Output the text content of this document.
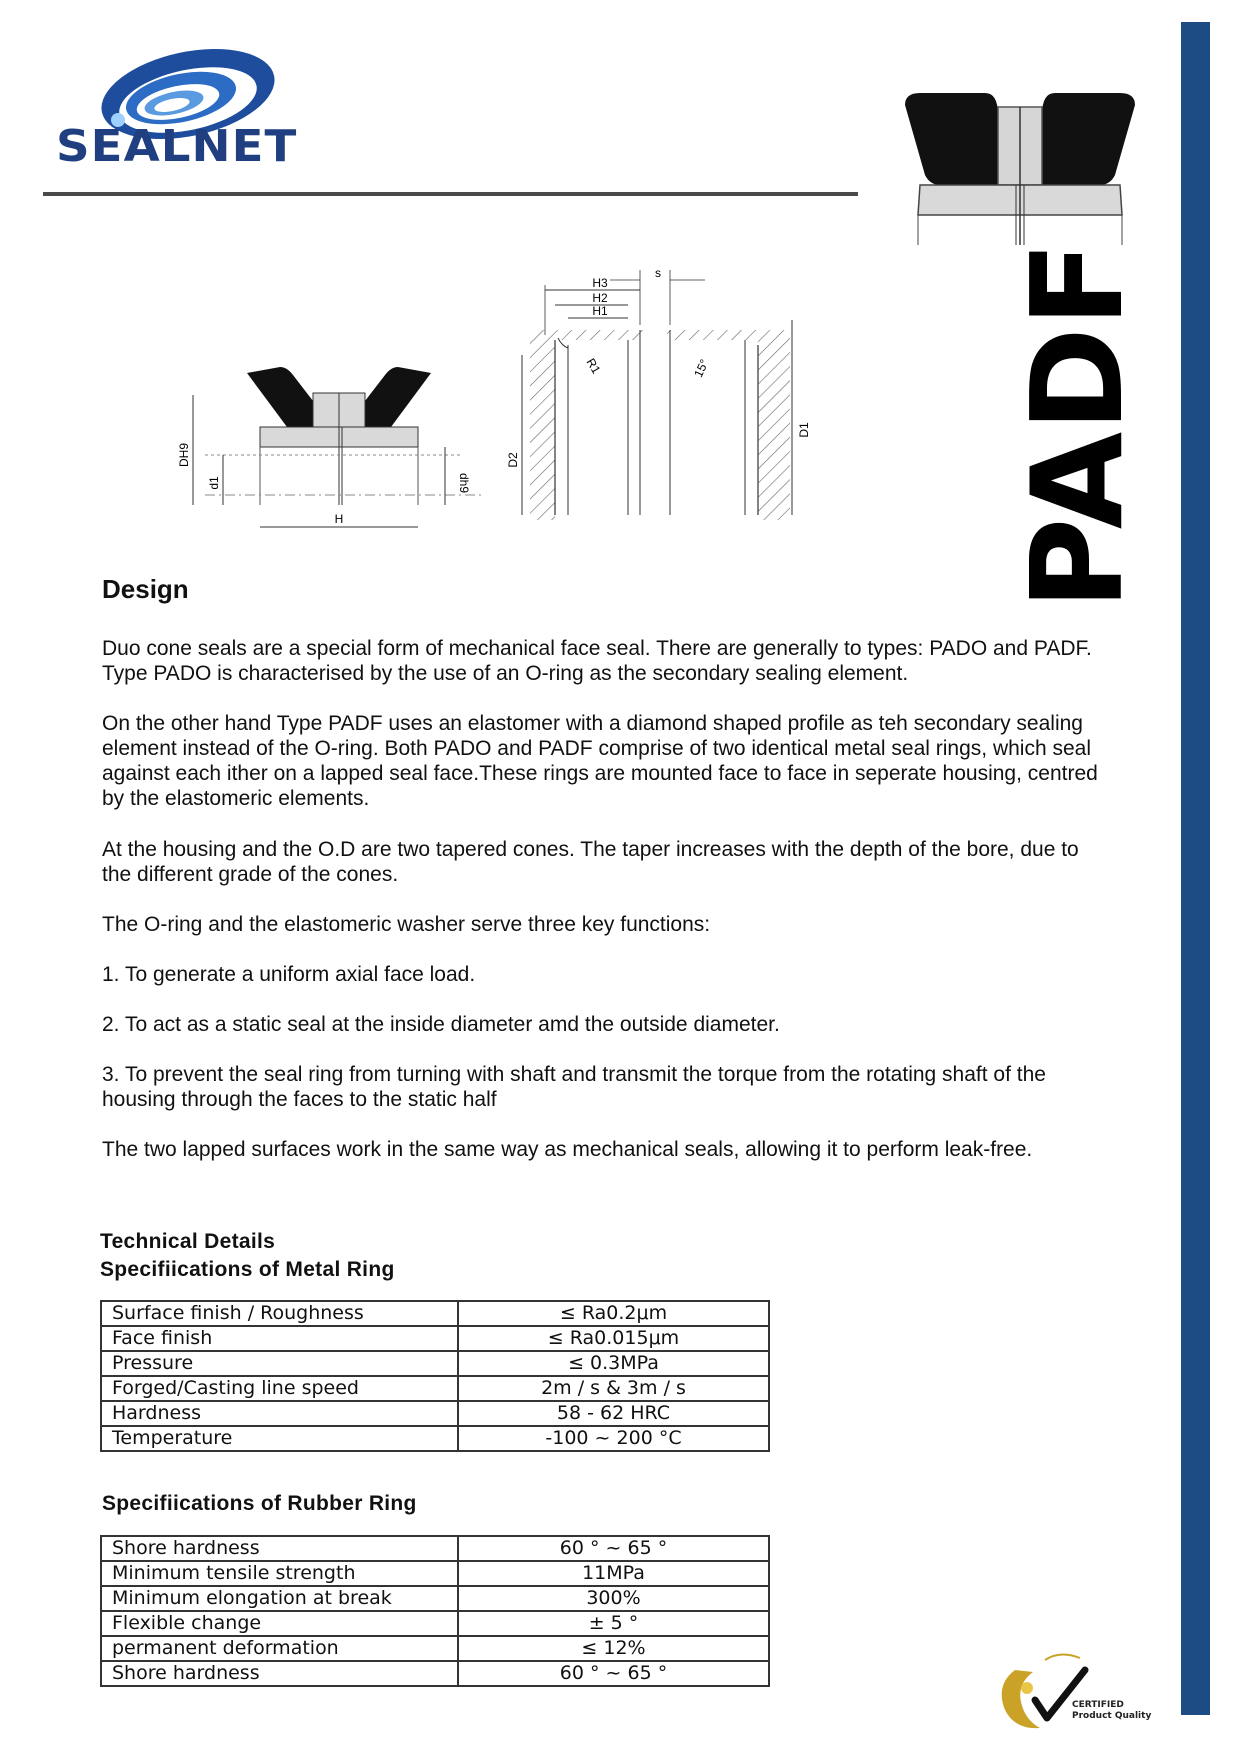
SEALNET
PADF
DH9
d1	dh9
H
H3
H2
H1
s
R1	15°
D2
D1
Design

Duo cone seals are a special form of mechanical face seal. There are generally to types: PADO and PADF. Type PADO is characterised by the use of an O-ring as the secondary sealing element.

On the other hand Type PADF uses an elastomer with a diamond shaped profile as teh secondary sealing element instead of the O-ring. Both PADO and PADF comprise of two identical metal seal rings, which seal against each ither on a lapped seal face.These rings are mounted face to face in seperate housing, centred by the elastomeric elements.

At the housing and the O.D are two tapered cones. The taper increases with the depth of the bore, due to the different grade of the cones.

The O-ring and the elastomeric washer serve three key functions:

1. To generate a uniform axial face load.

2. To act as a static seal at the inside diameter amd the outside diameter.

3. To prevent the seal ring from turning with shaft and transmit the torque from the rotating shaft of the housing through the faces to the static half

The two lapped surfaces work in the same way as mechanical seals, allowing it to perform leak-free.

Technical Details
Specifiications of Metal Ring
Surface finish / Roughness	≤ Ra0.2μm
Face finish	≤ Ra0.015μm
Pressure	≤ 0.3MPa
Forged/Casting line speed	2m / s & 3m / s
Hardness	58 - 62 HRC
Temperature	-100 ~ 200 °C
Specifiications of Rubber Ring
Shore hardness	60 ° ~ 65 °
Minimum tensile strength	11MPa
Minimum elongation at break	300%
Flexible change	± 5 °
permanent deformation	≤ 12%
Shore hardness	60 ° ~ 65 °
CERTIFIED
Product Quality
